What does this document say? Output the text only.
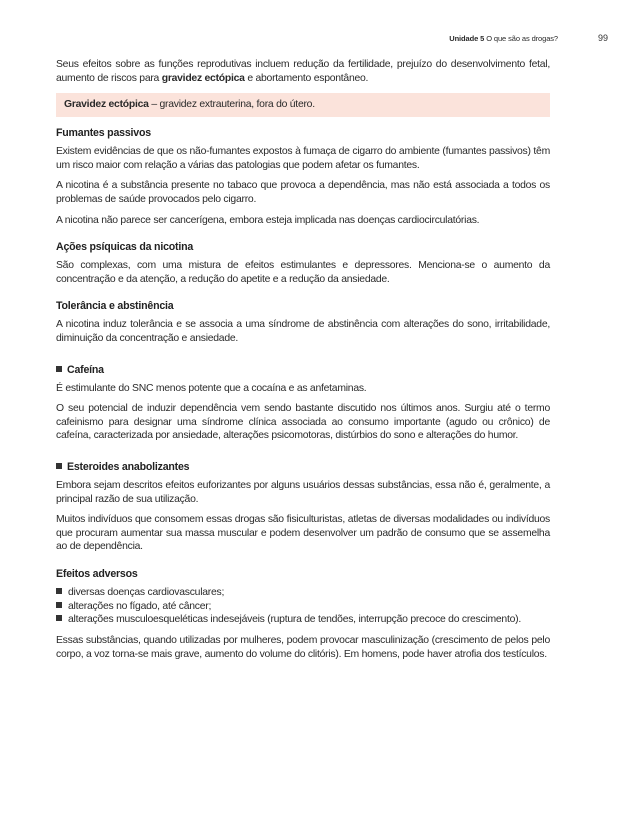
Unidade 5 O que são as drogas?	99

Seus efeitos sobre as funções reprodutivas incluem redução da fertilidade, prejuízo do desenvolvimento fetal, aumento de riscos para gravidez ectópica e abortamento espontâneo.

Gravidez ectópica – gravidez extrauterina, fora do útero.
Fumantes passivos

Existem evidências de que os não-fumantes expostos à fumaça de cigarro do ambiente (fumantes passivos) têm um risco maior com relação a várias das patologias que podem afetar os fumantes.

A nicotina é a substância presente no tabaco que provoca a dependência, mas não está associada a todos os problemas de saúde provocados pelo cigarro.

A nicotina não parece ser cancerígena, embora esteja implicada nas doenças cardiocirculatórias.

Ações psíquicas da nicotina

São complexas, com uma mistura de efeitos estimulantes e depressores. Menciona-se o aumento da concentração e da atenção, a redução do apetite e a redução da ansiedade.

Tolerância e abstinência

A nicotina induz tolerância e se associa a uma síndrome de abstinência com alterações do sono, irritabilidade, diminuição da concentração e ansiedade.

Cafeína

É estimulante do SNC menos potente que a cocaína e as anfetaminas.

O seu potencial de induzir dependência vem sendo bastante discutido nos últimos anos. Surgiu até o termo cafeinismo para designar uma síndrome clínica associada ao consumo importante (agudo ou crônico) de cafeína, caracterizada por ansiedade, alterações psicomotoras, distúrbios do sono e alterações do humor.

Esteroides anabolizantes

Embora sejam descritos efeitos euforizantes por alguns usuários dessas substâncias, essa não é, geralmente, a principal razão de sua utilização.

Muitos indivíduos que consomem essas drogas são fisiculturistas, atletas de diversas modalidades ou indivíduos que procuram aumentar sua massa muscular e podem desenvolver um padrão de consumo que se assemelha ao de dependência.

Efeitos adversos
diversas doenças cardiovasculares;
alterações no fígado, até câncer;
alterações musculoesqueléticas indesejáveis (ruptura de tendões, interrupção precoce do crescimento).

Essas substâncias, quando utilizadas por mulheres, podem provocar masculinização (crescimento de pelos pelo corpo, a voz torna-se mais grave, aumento do volume do clitóris). Em homens, pode haver atrofia dos testículos.
